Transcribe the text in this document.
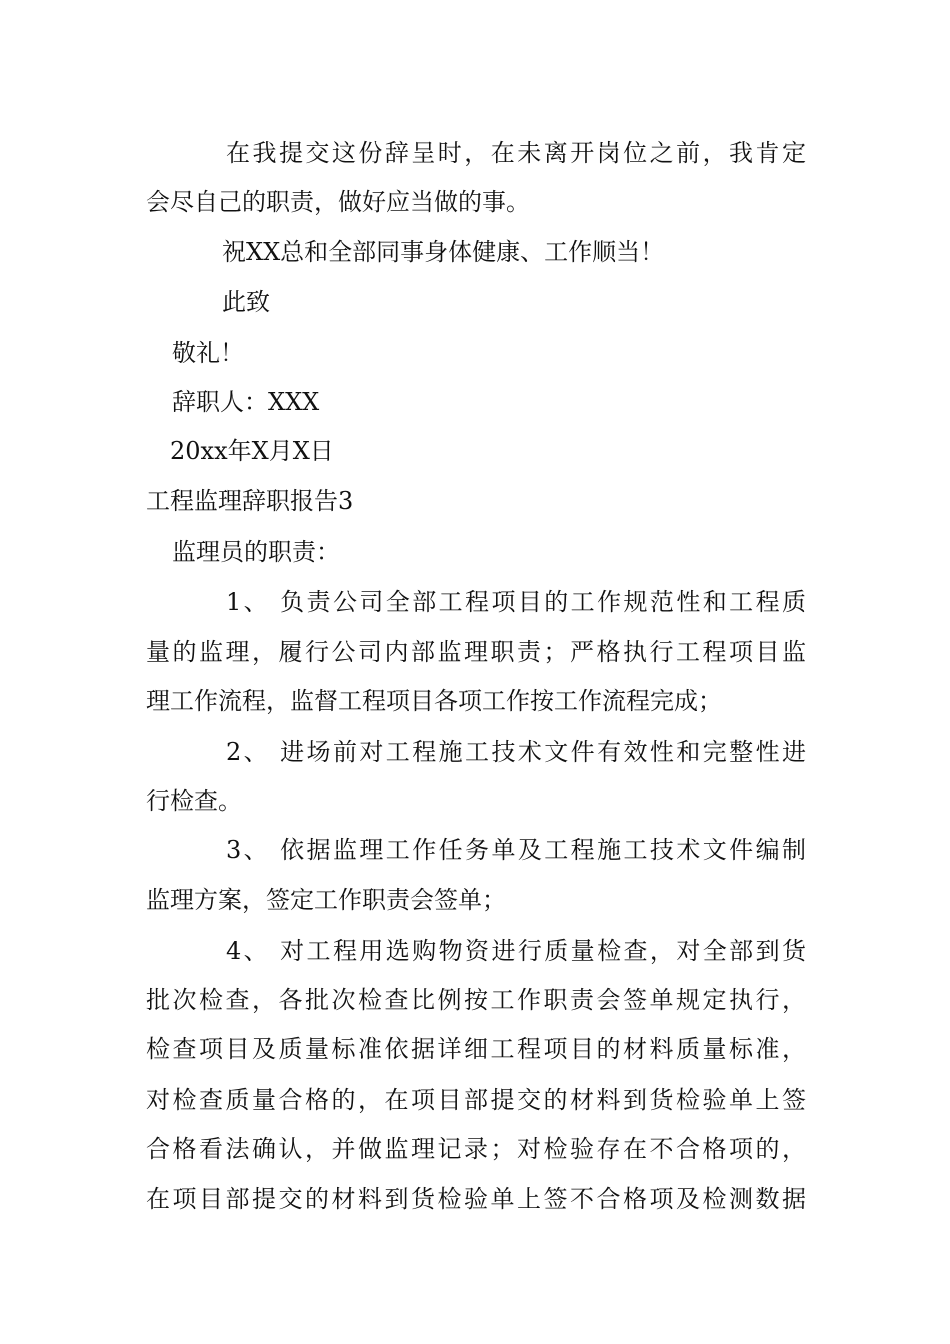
在我提交这份辞呈时，在未离开岗位之前，我肯定

会尽自己的职责，做好应当做的事。

祝XX总和全部同事身体健康、工作顺当！

此致

敬礼！

辞职人：XXX

20xx年X月X日

工程监理辞职报告3

监理员的职责：

1、 负责公司全部工程项目的工作规范性和工程质

量的监理，履行公司内部监理职责；严格执行工程项目监

理工作流程，监督工程项目各项工作按工作流程完成；

2、 进场前对工程施工技术文件有效性和完整性进

行检查。

3、 依据监理工作任务单及工程施工技术文件编制

监理方案，签定工作职责会签单；

4、 对工程用选购物资进行质量检查，对全部到货

批次检查，各批次检查比例按工作职责会签单规定执行，

检查项目及质量标准依据详细工程项目的材料质量标准，

对检查质量合格的，在项目部提交的材料到货检验单上签

合格看法确认，并做监理记录；对检验存在不合格项的，

在项目部提交的材料到货检验单上签不合格项及检测数据
